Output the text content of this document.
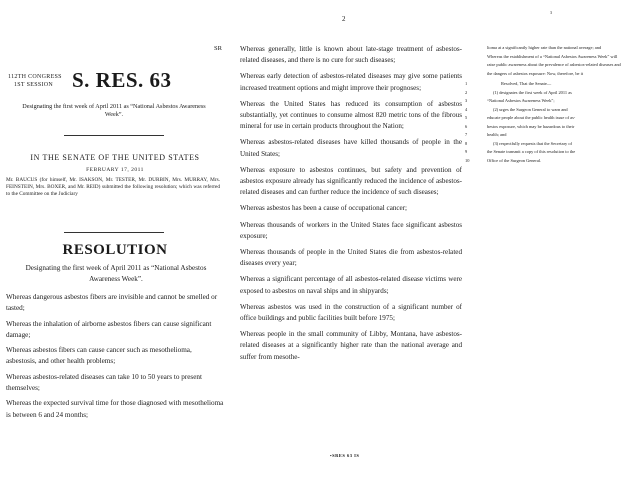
112TH CONGRESS
1ST SESSION S. RES. 63
Designating the first week of April 2011 as “National Asbestos Awareness Week”.
IN THE SENATE OF THE UNITED STATES
FEBRUARY 17, 2011
Mr. BAUCUS (for himself, Mr. ISAKSON, Mr. TESTER, Mr. DURBIN, Mrs. MURRAY, Mrs. FEINSTEIN, Mrs. BOXER, and Mr. REID) submitted the following resolution; which was referred to the Committee on the Judiciary
RESOLUTION
Designating the first week of April 2011 as “National Asbestos Awareness Week”.

Whereas dangerous asbestos fibers are invisible and cannot be smelled or tasted;

Whereas the inhalation of airborne asbestos fibers can cause significant damage;

Whereas asbestos fibers can cause cancer such as mesothelioma, asbestosis, and other health problems;

Whereas asbestos-related diseases can take 10 to 50 years to present themselves;

Whereas the expected survival time for those diagnosed with mesothelioma is between 6 and 24 months;

2
SR	Whereas generally, little is known about late-stage treatment of asbestos-related diseases, and there is no cure for such diseases;

Whereas early detection of asbestos-related diseases may give some patients increased treatment options and might improve their prognoses;

Whereas the United States has reduced its consumption of asbestos substantially, yet continues to consume almost 820 metric tons of the fibrous mineral for use in certain products throughout the Nation;

Whereas asbestos-related diseases have killed thousands of people in the United States;

Whereas exposure to asbestos continues, but safety and prevention of asbestos exposure already has significantly reduced the incidence of asbestos-related diseases and can further reduce the incidence of such diseases;

Whereas asbestos has been a cause of occupational cancer;

Whereas thousands of workers in the United States face significant asbestos exposure;

Whereas thousands of people in the United States die from asbestos-related diseases every year;

Whereas a significant percentage of all asbestos-related disease victims were exposed to asbestos on naval ships and in shipyards;

Whereas asbestos was used in the construction of a significant number of office buildings and public facilities built before 1975;

Whereas people in the small community of Libby, Montana, have asbestos-related diseases at a significantly higher rate than the national average and suffer from mesothe-

•SRES 63 IS
3
lioma at a significantly higher rate than the national average; and
Whereas the establishment of a “National Asbestos Awareness Week” will raise public awareness about the prevalence of asbestos-related diseases and the dangers of asbestos exposure: Now, therefore, be it
1	Resolved, That the Senate—
2	(1) designates the first week of April 2011 as
3	“National Asbestos Awareness Week”;
4	(2) urges the Surgeon General to warn and
5	educate people about the public health issue of as-
6	bestos exposure, which may be hazardous to their
7	health; and
8	(3) respectfully requests that the Secretary of
9	the Senate transmit a copy of this resolution to the
10	Office of the Surgeon General.
